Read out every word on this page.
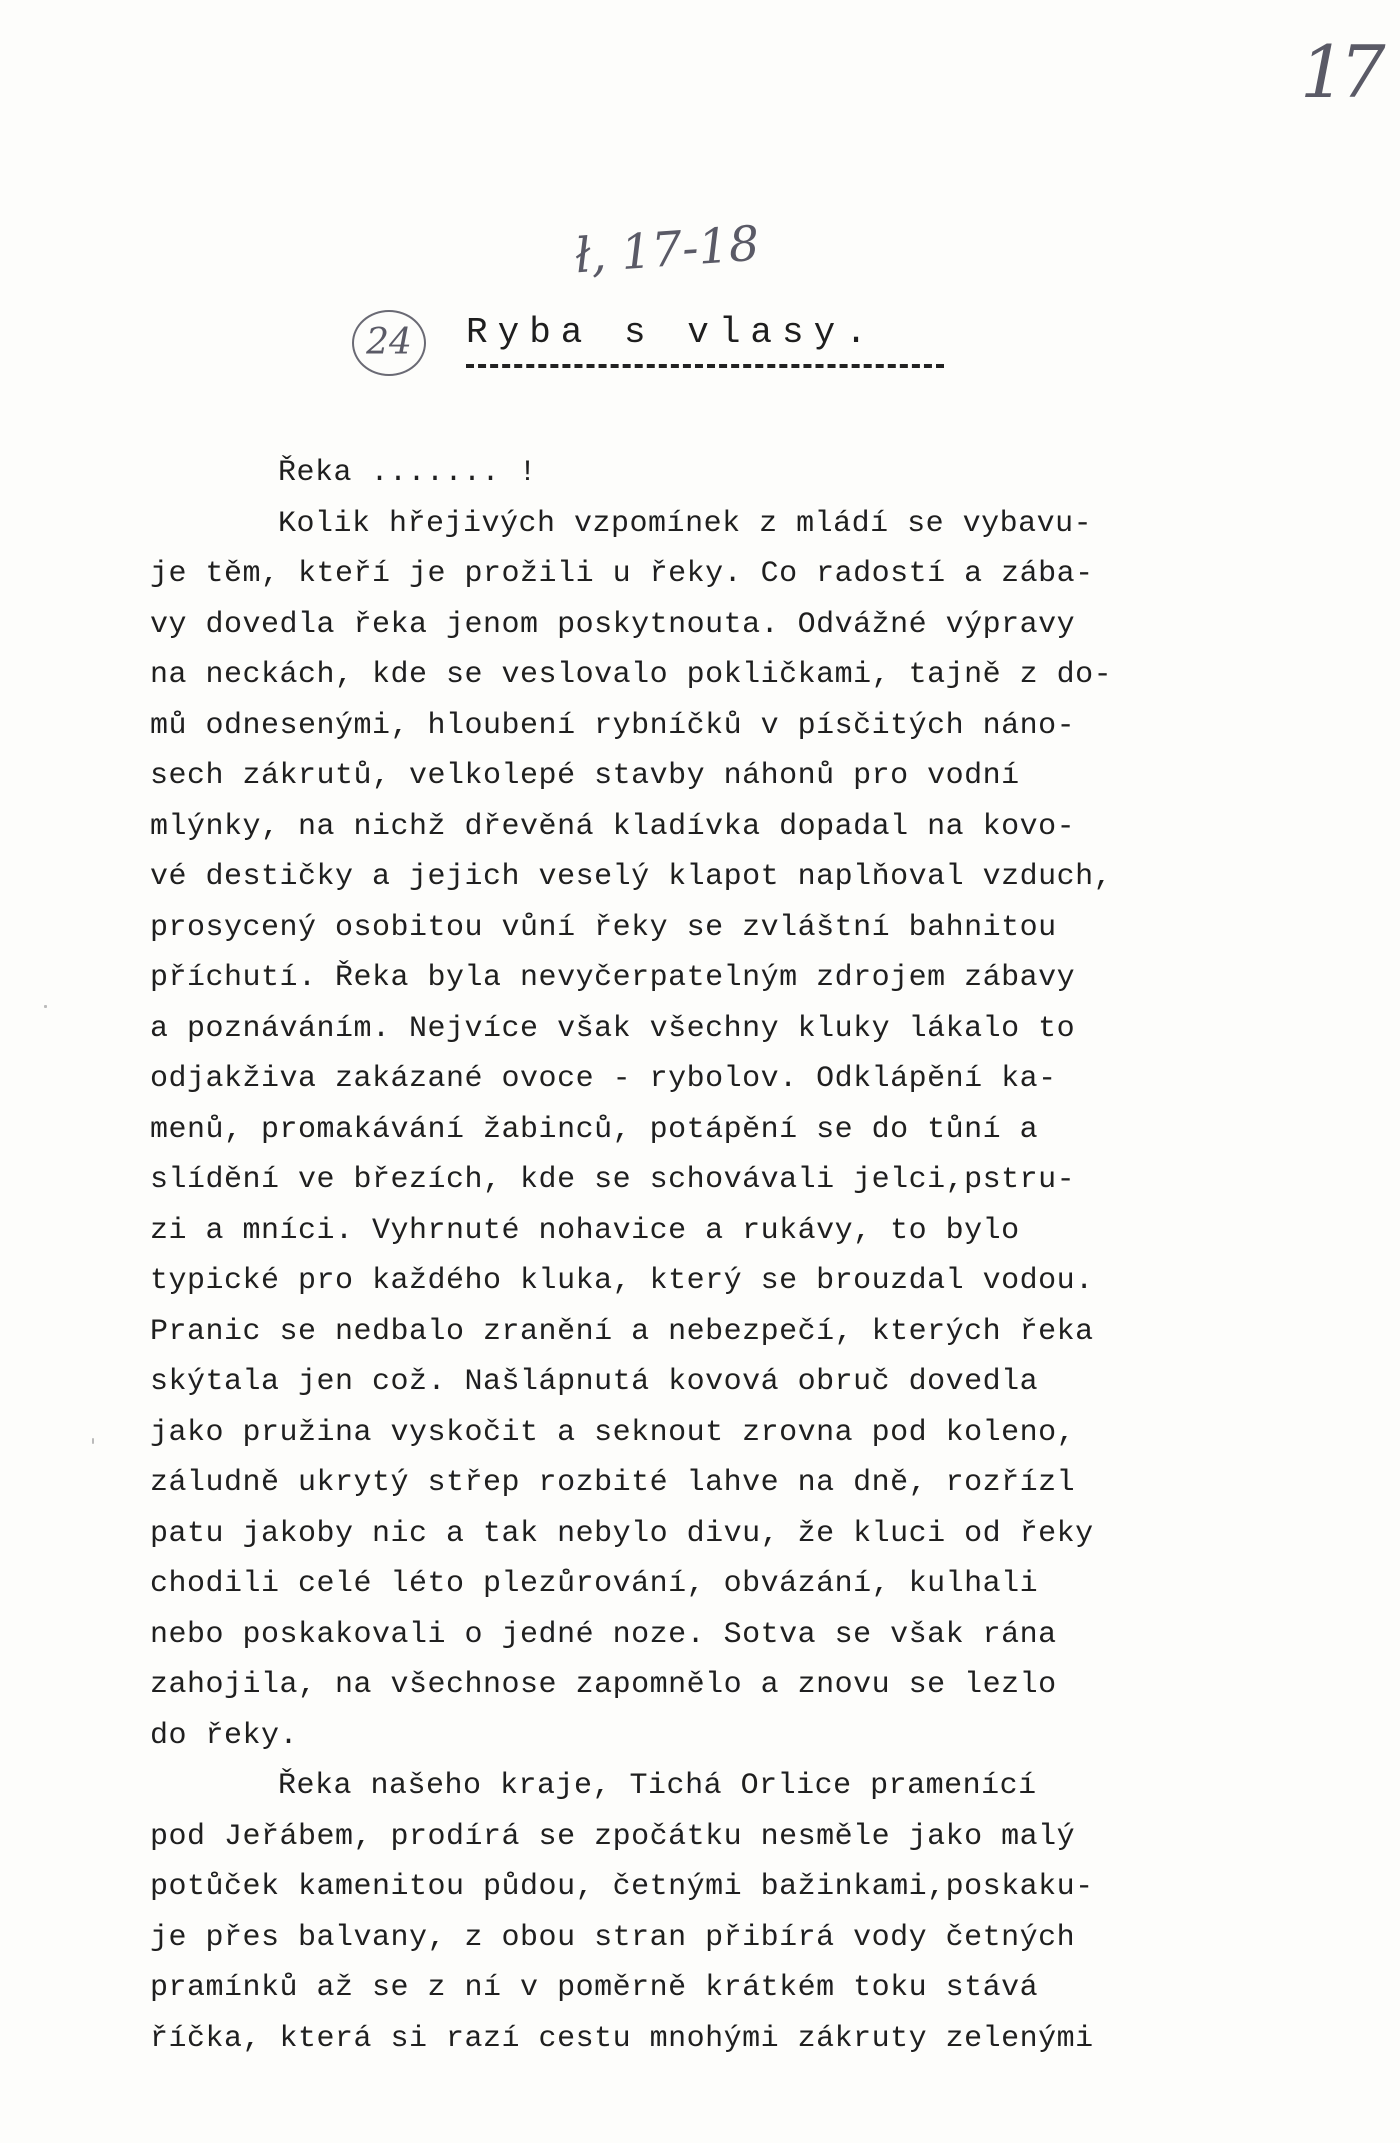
17
ł, 17-18
24	Ryba s vlasy.
Řeka ....... !
Kolik hřejivých vzpomínek z mládí se vybavu-
je těm, kteří je prožili u řeky. Co radostí a zába-
vy dovedla řeka jenom poskytnouta. Odvážné výpravy
na neckách, kde se veslovalo pokličkami, tajně z do-
mů odnesenými, hloubení rybníčků v písčitých náno-
sech zákrutů, velkolepé stavby náhonů pro vodní
mlýnky, na nichž dřevěná kladívka dopadal na kovo-
vé destičky a jejich veselý klapot naplňoval vzduch,
prosycený osobitou vůní řeky se zvláštní bahnitou
příchutí. Řeka byla nevyčerpatelným zdrojem zábavy
a poznáváním. Nejvíce však všechny kluky lákalo to
odjakživa zakázané ovoce - rybolov. Odklápění ka-
menů, promakávání žabinců, potápění se do tůní a
slídění ve březích, kde se schovávali jelci,pstru-
zi a mníci. Vyhrnuté nohavice a rukávy, to bylo
typické pro každého kluka, který se brouzdal vodou.
Pranic se nedbalo zranění a nebezpečí, kterých řeka
skýtala jen což. Našlápnutá kovová obruč dovedla
jako pružina vyskočit a seknout zrovna pod koleno,
záludně ukrytý střep rozbité lahve na dně, rozřízl
patu jakoby nic a tak nebylo divu, že kluci od řeky
chodili celé léto plezůrování, obvázání, kulhali
nebo poskakovali o jedné noze. Sotva se však rána
zahojila, na všechnose zapomnělo a znovu se lezlo
do řeky.
Řeka našeho kraje, Tichá Orlice pramenící
pod Jeřábem, prodírá se zpočátku nesměle jako malý
potůček kamenitou půdou, četnými bažinkami,poskaku-
je přes balvany, z obou stran přibírá vody četných
pramínků až se z ní v poměrně krátkém toku stává
říčka, která si razí cestu mnohými zákruty zelenými
